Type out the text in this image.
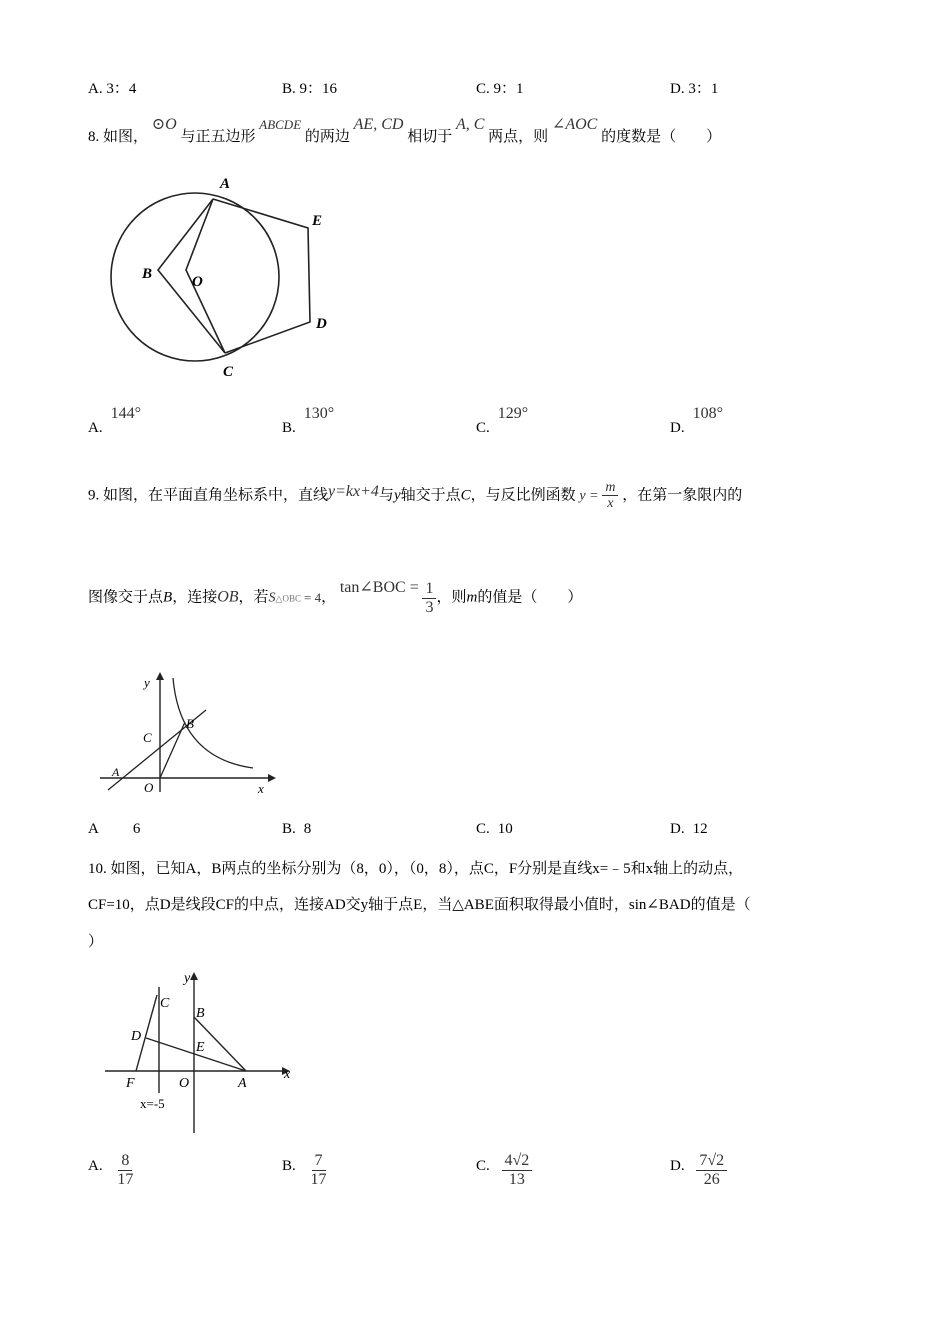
A. 3：4	B. 9：16	C. 9：1	D. 3：1
8. 如图， ⊙O 与正五边形 ABCDE 的两边 AE, CD 相切于 A, C 两点，则 ∠AOC 的度数是（　　）
A
E
B	O
D
C
A.144°
B.130°
C.129°
D.108°
9. 如图，在平面直角坐标系中，直线y=kx+4与y轴交于点C，与反比例函数 $y = \frac{m}{x}$ ，在第一象限内的
图像交于点B，连接OB，若S△OBC = 4， tan∠BOC = $\frac{1}{3}$ ，则m的值是（　　）
y
C
B
A
O	x
A 6	B. 8	C. 10	D. 12
10. 如图，已知A，B两点的坐标分别为（8，0），（0，8），点C，F分别是直线x=﹣5和x轴上的动点，
CF=10，点D是线段CF的中点，连接AD交y轴于点E，当△ABE面积取得最小值时，sin∠BAD的值是（
）
y
C
B
D
E
F	O	A
x
x=-5
A. $\frac{8}{17}$	B. $\frac{7}{17}$	C. $\frac{4√2}{13}$	D. $\frac{7√2}{26}$
